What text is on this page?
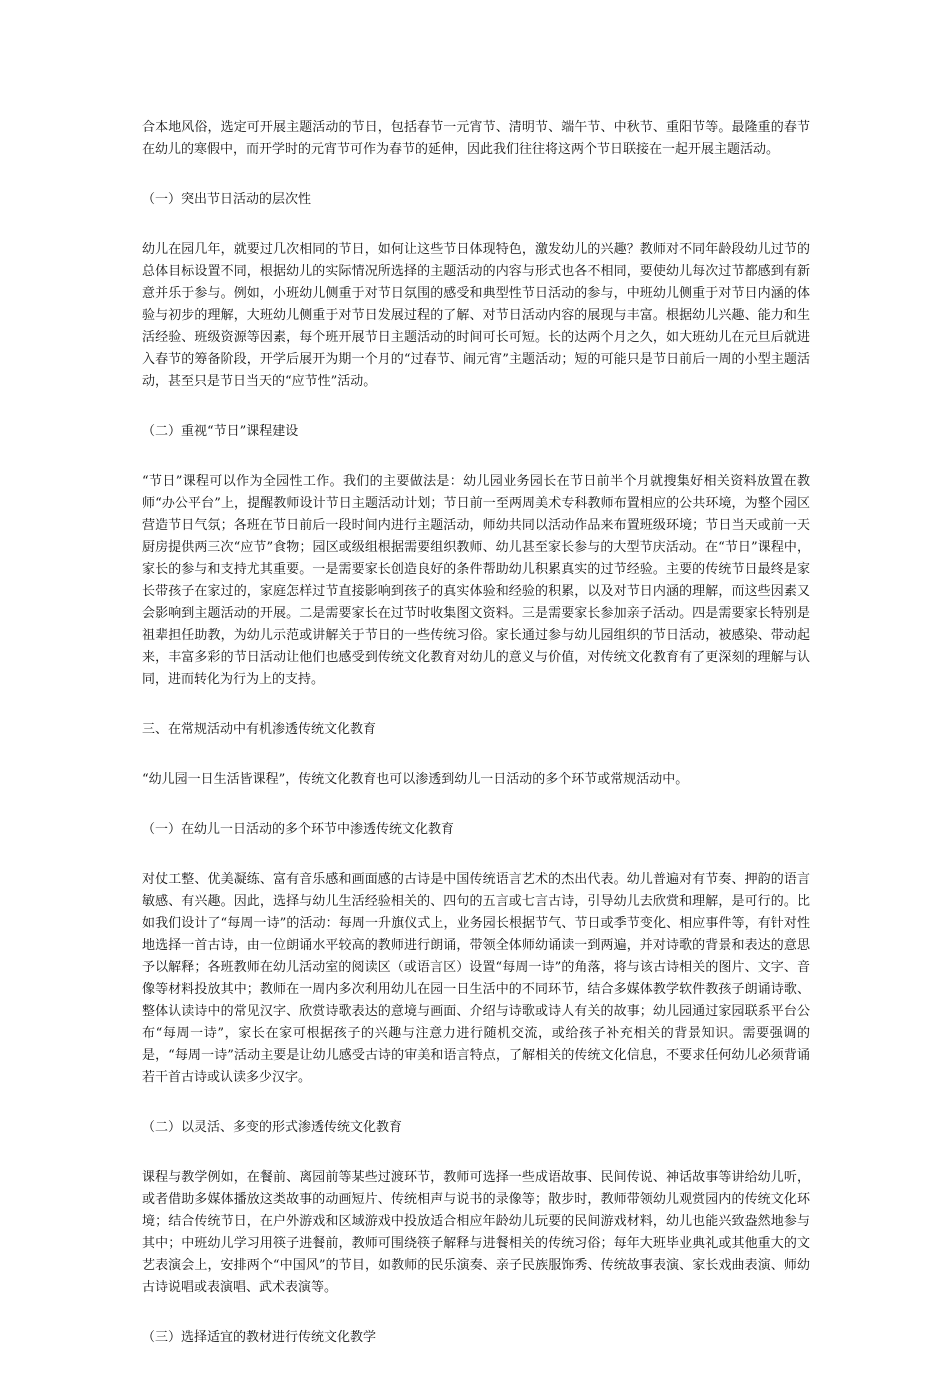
合本地风俗，选定可开展主题活动的节日，包括春节一元宵节、清明节、端午节、中秋节、重阳节等。最隆重的春节在幼儿的寒假中，而开学时的元宵节可作为春节的延伸，因此我们往往将这两个节日联接在一起开展主题活动。

（一）突出节日活动的层次性

幼儿在园几年，就要过几次相同的节日，如何让这些节日体现特色，激发幼儿的兴趣？教师对不同年龄段幼儿过节的总体目标设置不同，根据幼儿的实际情况所选择的主题活动的内容与形式也各不相同，要使幼儿每次过节都感到有新意并乐于参与。例如，小班幼儿侧重于对节日氛围的感受和典型性节日活动的参与，中班幼儿侧重于对节日内涵的体验与初步的理解，大班幼儿侧重于对节日发展过程的了解、对节日活动内容的展现与丰富。根据幼儿兴趣、能力和生活经验、班级资源等因素，每个班开展节日主题活动的时间可长可短。长的达两个月之久，如大班幼儿在元旦后就进入春节的筹备阶段，开学后展开为期一个月的“过春节、闹元宵”主题活动；短的可能只是节日前后一周的小型主题活动，甚至只是节日当天的“应节性”活动。

（二）重视“节日”课程建设

“节日”课程可以作为全园性工作。我们的主要做法是：幼儿园业务园长在节日前半个月就搜集好相关资料放置在教师“办公平台”上，提醒教师设计节日主题活动计划；节日前一至两周美术专科教师布置相应的公共环境，为整个园区营造节日气氛；各班在节日前后一段时间内进行主题活动，师幼共同以活动作品来布置班级环境；节日当天或前一天厨房提供两三次“应节”食物；园区或级组根据需要组织教师、幼儿甚至家长参与的大型节庆活动。在“节日”课程中，家长的参与和支持尤其重要。一是需要家长创造良好的条件帮助幼儿积累真实的过节经验。主要的传统节日最终是家长带孩子在家过的，家庭怎样过节直接影响到孩子的真实体验和经验的积累，以及对节日内涵的理解，而这些因素又会影响到主题活动的开展。二是需要家长在过节时收集图文资料。三是需要家长参加亲子活动。四是需要家长特别是祖辈担任助教，为幼儿示范或讲解关于节日的一些传统习俗。家长通过参与幼儿园组织的节日活动，被感染、带动起来，丰富多彩的节日活动让他们也感受到传统文化教育对幼儿的意义与价值，对传统文化教育有了更深刻的理解与认同，进而转化为行为上的支持。

三、在常规活动中有机渗透传统文化教育

“幼儿园一日生活皆课程”，传统文化教育也可以渗透到幼儿一日活动的多个环节或常规活动中。

（一）在幼儿一日活动的多个环节中渗透传统文化教育

对仗工整、优美凝练、富有音乐感和画面感的古诗是中国传统语言艺术的杰出代表。幼儿普遍对有节奏、押韵的语言敏感、有兴趣。因此，选择与幼儿生活经验相关的、四句的五言或七言古诗，引导幼儿去欣赏和理解，是可行的。比如我们设计了“每周一诗”的活动：每周一升旗仪式上，业务园长根据节气、节日或季节变化、相应事件等，有针对性地选择一首古诗，由一位朗诵水平较高的教师进行朗诵，带领全体师幼诵读一到两遍，并对诗歌的背景和表达的意思予以解释；各班教师在幼儿活动室的阅读区（或语言区）设置“每周一诗”的角落，将与该古诗相关的图片、文字、音像等材料投放其中；教师在一周内多次利用幼儿在园一日生活中的不同环节，结合多媒体教学软件教孩子朗诵诗歌、整体认读诗中的常见汉字、欣赏诗歌表达的意境与画面、介绍与诗歌或诗人有关的故事；幼儿园通过家园联系平台公布“每周一诗”，家长在家可根据孩子的兴趣与注意力进行随机交流，或给孩子补充相关的背景知识。需要强调的是，“每周一诗”活动主要是让幼儿感受古诗的审美和语言特点，了解相关的传统文化信息，不要求任何幼儿必须背诵若干首古诗或认读多少汉字。

（二）以灵活、多变的形式渗透传统文化教育

课程与教学例如，在餐前、离园前等某些过渡环节，教师可选择一些成语故事、民间传说、神话故事等讲给幼儿听，或者借助多媒体播放这类故事的动画短片、传统相声与说书的录像等；散步时，教师带领幼儿观赏园内的传统文化环境；结合传统节日，在户外游戏和区域游戏中投放适合相应年龄幼儿玩要的民间游戏材料，幼儿也能兴致盎然地参与其中；中班幼儿学习用筷子进餐前，教师可围绕筷子解释与进餐相关的传统习俗；每年大班毕业典礼或其他重大的文艺表演会上，安排两个“中国风”的节目，如教师的民乐演奏、亲子民族服饰秀、传统故事表演、家长戏曲表演、师幼古诗说唱或表演唱、武术表演等。

（三）选择适宜的教材进行传统文化教学
